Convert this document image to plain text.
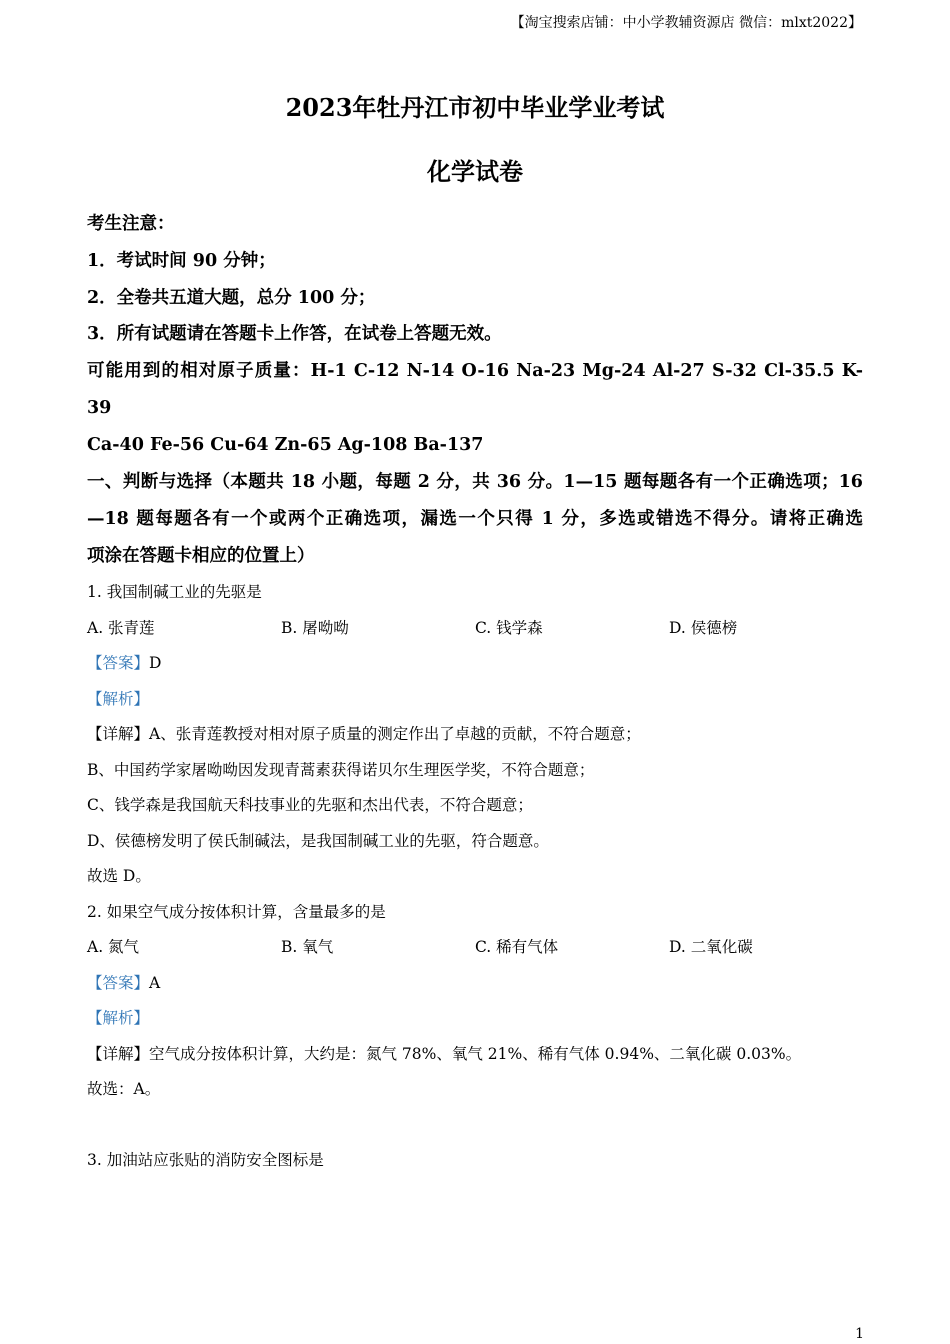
【淘宝搜索店铺：中小学教辅资源店 微信：mlxt2022】
2023年牡丹江市初中毕业学业考试
化学试卷

考生注意：

1．考试时间 90 分钟；

2．全卷共五道大题，总分 100 分；

3．所有试题请在答题卡上作答，在试卷上答题无效。

可能用到的相对原子质量：H-1 C-12 N-14 O-16 Na-23 Mg-24 Al-27 S-32 Cl-35.5 K-39

Ca-40 Fe-56 Cu-64 Zn-65 Ag-108 Ba-137

一、判断与选择（本题共 18 小题，每题 2 分，共 36 分。1—15 题每题各有一个正确选项；16
—18 题每题各有一个或两个正确选项，漏选一个只得 1 分，多选或错选不得分。请将正确选
项涂在答题卡相应的位置上）
1. 我国制碱工业的先驱是
A. 张青莲	B. 屠呦呦	C. 钱学森	D. 侯德榜
【答案】D
【解析】
【详解】A、张青莲教授对相对原子质量的测定作出了卓越的贡献，不符合题意；
B、中国药学家屠呦呦因发现青蒿素获得诺贝尔生理医学奖，不符合题意；
C、钱学森是我国航天科技事业的先驱和杰出代表，不符合题意；
D、侯德榜发明了侯氏制碱法，是我国制碱工业的先驱，符合题意。
故选 D。
2. 如果空气成分按体积计算，含量最多的是
A. 氮气	B. 氧气	C. 稀有气体	D. 二氧化碳
【答案】A
【解析】
【详解】空气成分按体积计算，大约是：氮气 78%、氧气 21%、稀有气体 0.94%、二氧化碳 0.03%。
故选：A。
3. 加油站应张贴的消防安全图标是
1
